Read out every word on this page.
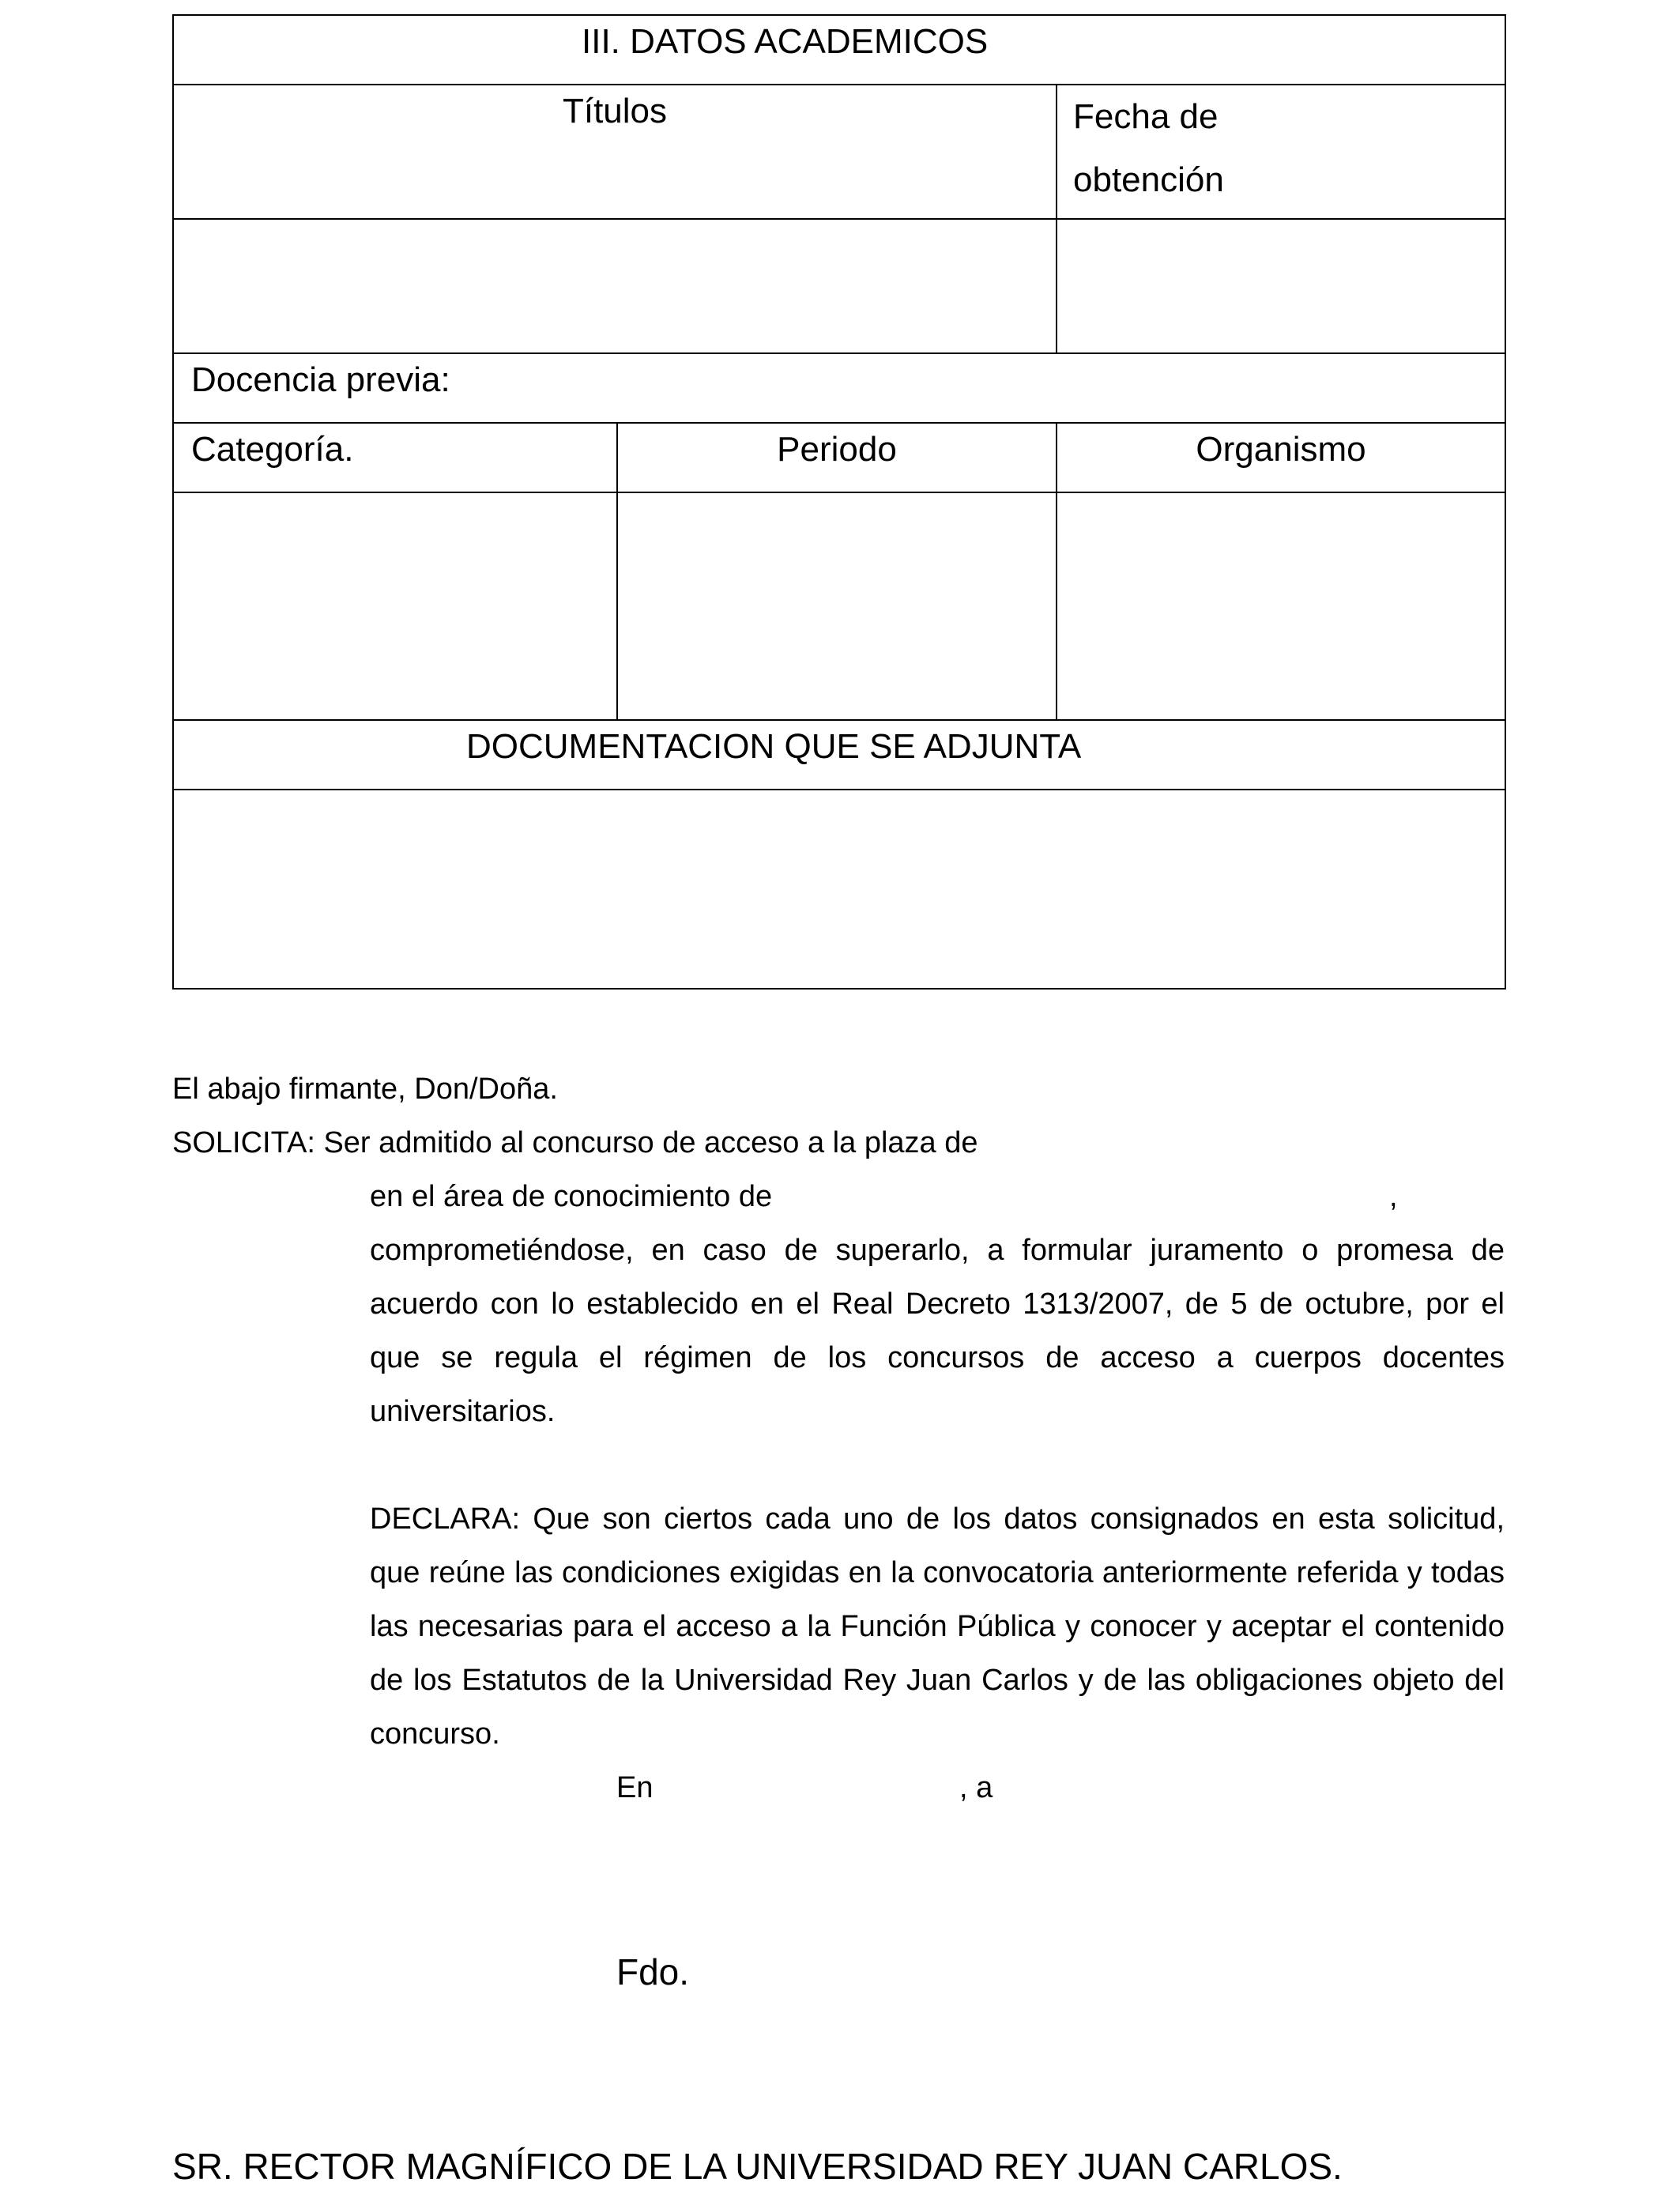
III. DATOS ACADEMICOS		

Títulos		Fecha de
obtención

Docencia previa:		
Categoría.	Periodo	Organismo

DOCUMENTACION QUE SE ADJUNTA		

El abajo firmante, Don/Doña.
SOLICITA: Ser admitido al concurso de acceso a la plaza de
en el área de conocimiento de	,
comprometiéndose, en caso de superarlo, a formular juramento o promesa de acuerdo con lo establecido en el Real Decreto 1313/2007, de 5 de octubre, por el que se regula el régimen de los concursos de acceso a cuerpos docentes universitarios.
DECLARA: Que son ciertos cada uno de los datos consignados en esta solicitud, que reúne las condiciones exigidas en la convocatoria anteriormente referida y todas las necesarias para el acceso a la Función Pública y conocer y aceptar el contenido de los Estatutos de la Universidad Rey Juan Carlos y de las obligaciones objeto del concurso.
En	, a
Fdo.
SR. RECTOR MAGNÍFICO DE LA UNIVERSIDAD REY JUAN CARLOS.
